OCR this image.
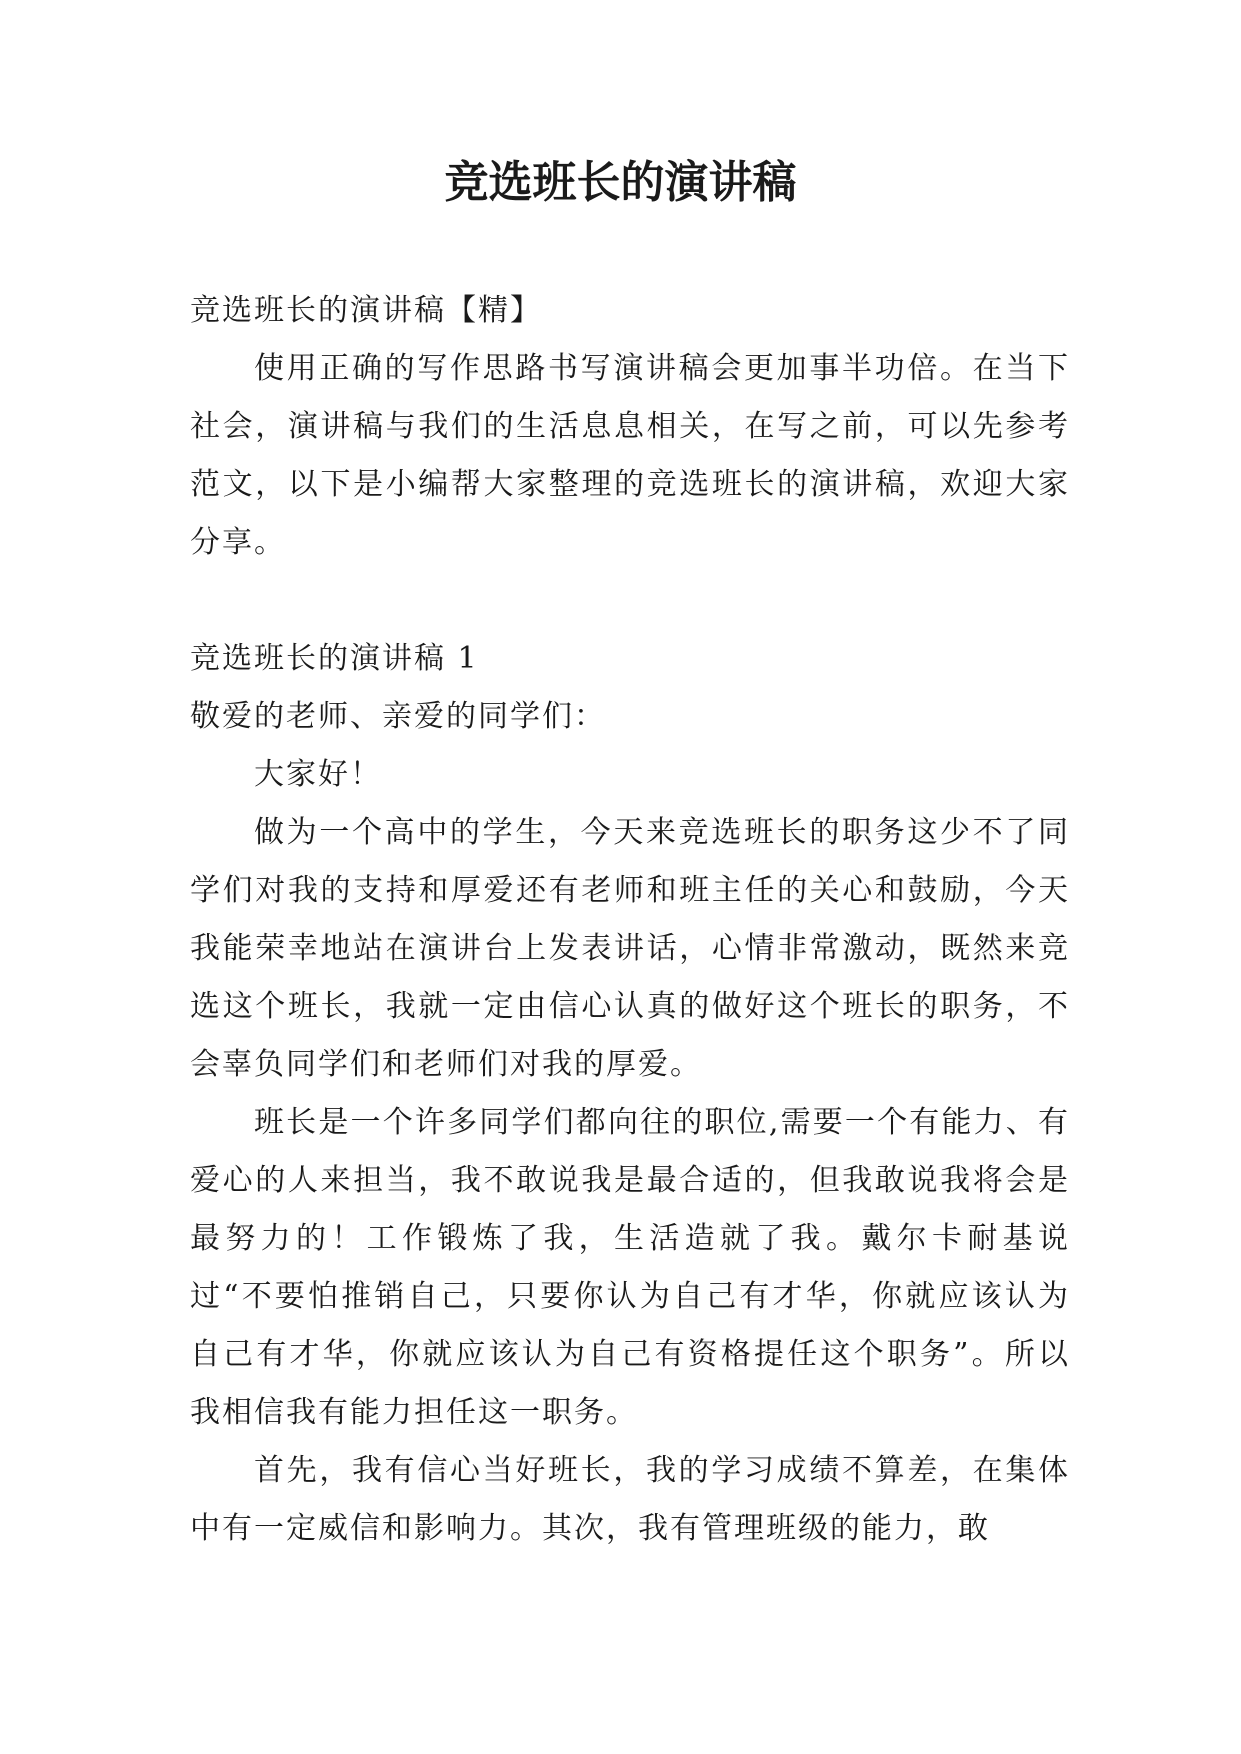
竞选班长的演讲稿

竞选班长的演讲稿【精】

使用正确的写作思路书写演讲稿会更加事半功倍。在当下社会，演讲稿与我们的生活息息相关，在写之前，可以先参考范文，以下是小编帮大家整理的竞选班长的演讲稿，欢迎大家分享。

竞选班长的演讲稿 1

敬爱的老师、亲爱的同学们：

大家好！

做为一个高中的学生，今天来竞选班长的职务这少不了同学们对我的支持和厚爱还有老师和班主任的关心和鼓励，今天我能荣幸地站在演讲台上发表讲话，心情非常激动，既然来竞选这个班长，我就一定由信心认真的做好这个班长的职务，不会辜负同学们和老师们对我的厚爱。

班长是一个许多同学们都向往的职位,需要一个有能力、有爱心的人来担当，我不敢说我是最合适的，但我敢说我将会是最努力的！工作锻炼了我，生活造就了我。戴尔卡耐基说过“不要怕推销自己，只要你认为自己有才华，你就应该认为自己有才华，你就应该认为自己有资格提任这个职务”。所以我相信我有能力担任这一职务。

首先，我有信心当好班长，我的学习成绩不算差，在集体中有一定威信和影响力。其次，我有管理班级的能力，敢
